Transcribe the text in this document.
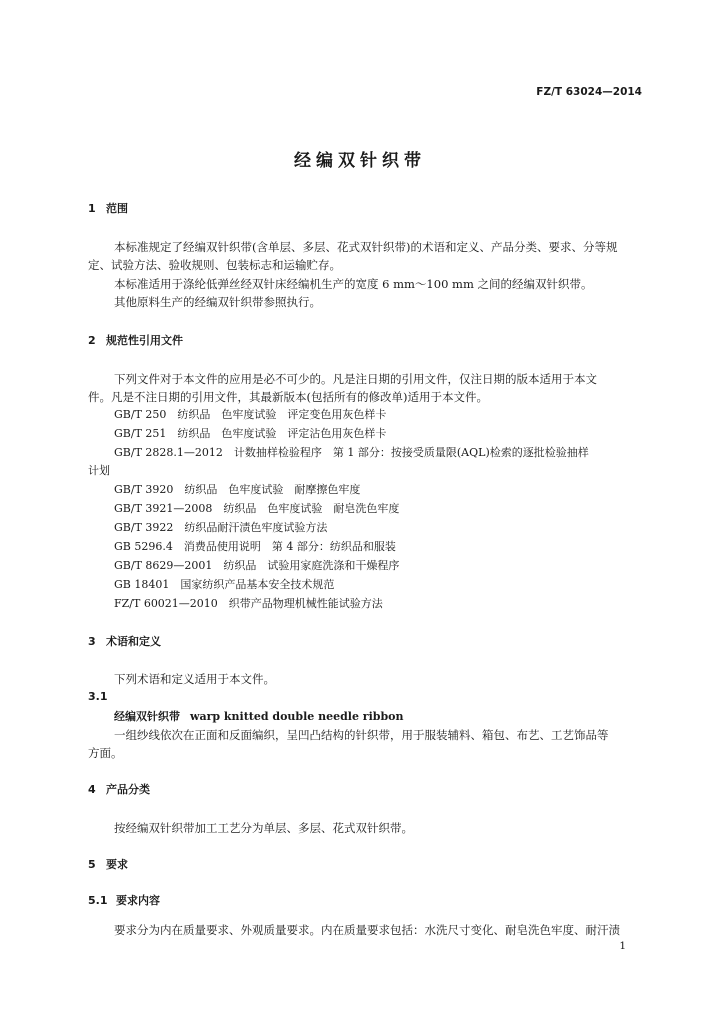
FZ/T 63024—2014
经编双针织带
1 范围
本标准规定了经编双针织带(含单层、多层、花式双针织带)的术语和定义、产品分类、要求、分等规
定、试验方法、验收规则、包装标志和运输贮存。
本标准适用于涤纶低弹丝经双针床经编机生产的宽度 6 mm～100 mm 之间的经编双针织带。
其他原料生产的经编双针织带参照执行。
2 规范性引用文件
下列文件对于本文件的应用是必不可少的。凡是注日期的引用文件，仅注日期的版本适用于本文
件。凡是不注日期的引用文件，其最新版本(包括所有的修改单)适用于本文件。
GB/T 250　纺织品　色牢度试验　评定变色用灰色样卡
GB/T 251　纺织品　色牢度试验　评定沾色用灰色样卡
GB/T 2828.1—2012　计数抽样检验程序　第 1 部分：按接受质量限(AQL)检索的逐批检验抽样
计划
GB/T 3920　纺织品　色牢度试验　耐摩擦色牢度
GB/T 3921—2008　纺织品　色牢度试验　耐皂洗色牢度
GB/T 3922　纺织品耐汗渍色牢度试验方法
GB 5296.4　消费品使用说明　第 4 部分：纺织品和服装
GB/T 8629—2001　纺织品　试验用家庭洗涤和干燥程序
GB 18401　国家纺织产品基本安全技术规范
FZ/T 60021—2010　织带产品物理机械性能试验方法
3 术语和定义
下列术语和定义适用于本文件。
3.1
经编双针织带 warp knitted double needle ribbon
一组纱线依次在正面和反面编织，呈凹凸结构的针织带，用于服装辅料、箱包、布艺、工艺饰品等
方面。
4 产品分类
按经编双针织带加工工艺分为单层、多层、花式双针织带。
5 要求
5.1 要求内容
要求分为内在质量要求、外观质量要求。内在质量要求包括：水洗尺寸变化、耐皂洗色牢度、耐汗渍
1
